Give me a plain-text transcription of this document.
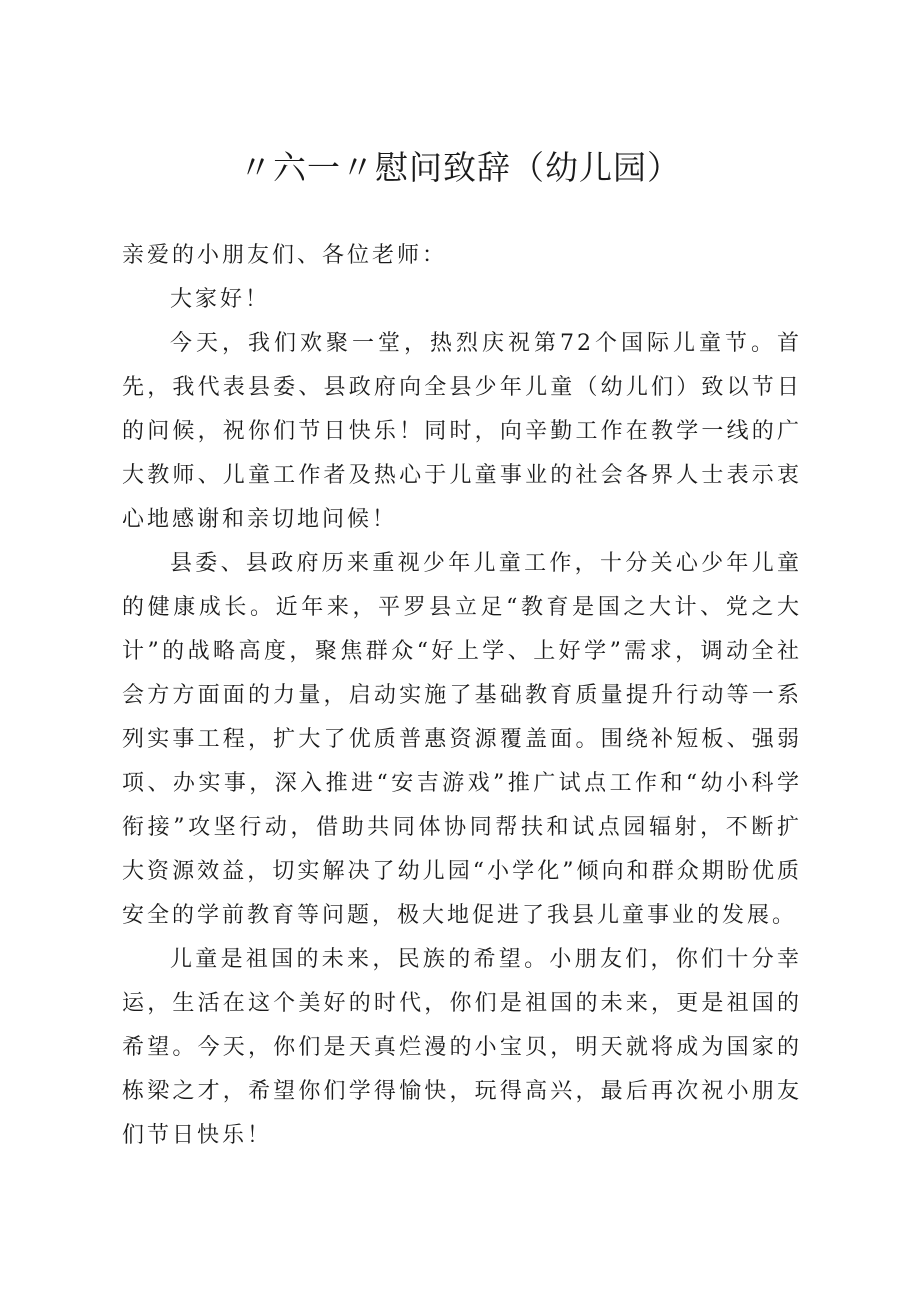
〃六一〃慰问致辞（幼儿园）

亲爱的小朋友们、各位老师：

大家好！

今天，我们欢聚一堂，热烈庆祝第72个国际儿童节。首先，我代表县委、县政府向全县少年儿童（幼儿们）致以节日的问候，祝你们节日快乐！同时，向辛勤工作在教学一线的广大教师、儿童工作者及热心于儿童事业的社会各界人士表示衷心地感谢和亲切地问候！

县委、县政府历来重视少年儿童工作，十分关心少年儿童的健康成长。近年来，平罗县立足“教育是国之大计、党之大计”的战略高度，聚焦群众“好上学、上好学”需求，调动全社会方方面面的力量，启动实施了基础教育质量提升行动等一系列实事工程，扩大了优质普惠资源覆盖面。围绕补短板、强弱项、办实事，深入推进“安吉游戏”推广试点工作和“幼小科学衔接”攻坚行动，借助共同体协同帮扶和试点园辐射，不断扩大资源效益，切实解决了幼儿园“小学化”倾向和群众期盼优质安全的学前教育等问题，极大地促进了我县儿童事业的发展。

儿童是祖国的未来，民族的希望。小朋友们，你们十分幸运，生活在这个美好的时代，你们是祖国的未来，更是祖国的希望。今天，你们是天真烂漫的小宝贝，明天就将成为国家的栋梁之才，希望你们学得愉快，玩得高兴，最后再次祝小朋友们节日快乐！
